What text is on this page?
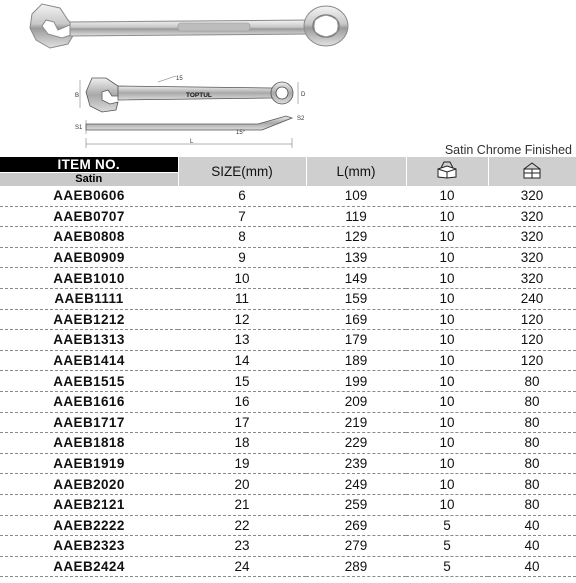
TOPTUL
B	D
15
S1
S2
15°
L
Satin Chrome Finished
ITEM NO.	SIZE(mm)	L(mm)		
Satin				
AAEB0606	6	109	10	320
AAEB0707	7	119	10	320
AAEB0808	8	129	10	320
AAEB0909	9	139	10	320
AAEB1010	10	149	10	320
AAEB1111	11	159	10	240
AAEB1212	12	169	10	120
AAEB1313	13	179	10	120
AAEB1414	14	189	10	120
AAEB1515	15	199	10	80
AAEB1616	16	209	10	80
AAEB1717	17	219	10	80
AAEB1818	18	229	10	80
AAEB1919	19	239	10	80
AAEB2020	20	249	10	80
AAEB2121	21	259	10	80
AAEB2222	22	269	5	40
AAEB2323	23	279	5	40
AAEB2424	24	289	5	40
